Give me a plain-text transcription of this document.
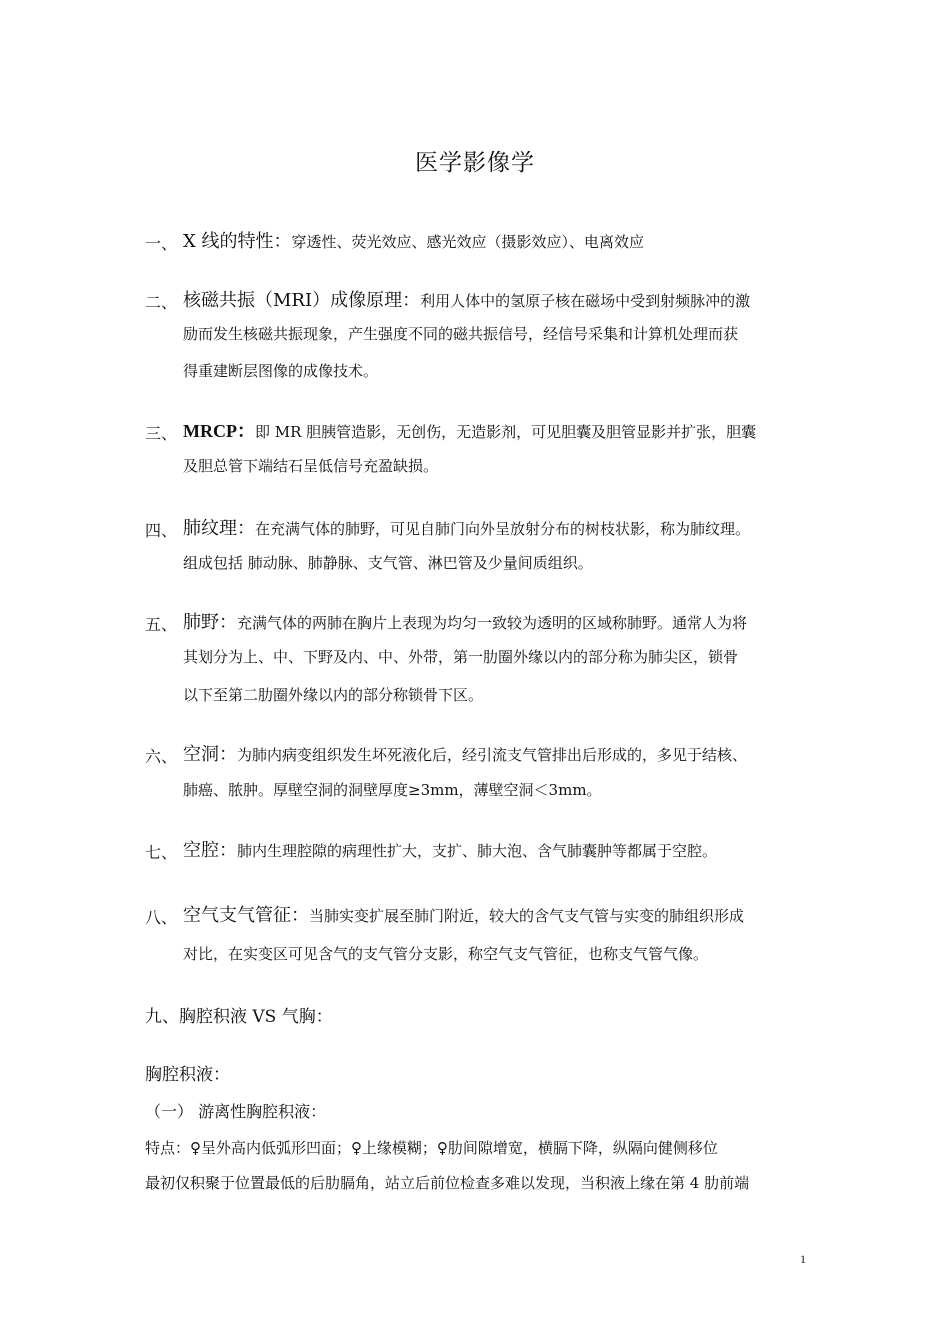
医学影像学
一、 X 线的特性：穿透性、荧光效应、感光效应（摄影效应）、电离效应
二、 核磁共振（MRI）成像原理：利用人体中的氢原子核在磁场中受到射频脉冲的激
励而发生核磁共振现象，产生强度不同的磁共振信号，经信号采集和计算机处理而获
得重建断层图像的成像技术。
三、 MRCP：即 MR 胆胰管造影，无创伤，无造影剂，可见胆囊及胆管显影并扩张，胆囊
及胆总管下端结石呈低信号充盈缺损。
四、 肺纹理：在充满气体的肺野，可见自肺门向外呈放射分布的树枝状影，称为肺纹理。
组成包括 肺动脉、肺静脉、支气管、淋巴管及少量间质组织。
五、 肺野：充满气体的两肺在胸片上表现为均匀一致较为透明的区域称肺野。通常人为将
其划分为上、中、下野及内、中、外带，第一肋圈外缘以内的部分称为肺尖区，锁骨
以下至第二肋圈外缘以内的部分称锁骨下区。
六、 空洞：为肺内病变组织发生坏死液化后，经引流支气管排出后形成的，多见于结核、
肺癌、脓肿。厚壁空洞的洞壁厚度≥3mm，薄壁空洞＜3mm。
七、 空腔：肺内生理腔隙的病理性扩大，支扩、肺大泡、含气肺囊肿等都属于空腔。
八、 空气支气管征：当肺实变扩展至肺门附近，较大的含气支气管与实变的肺组织形成
对比，在实变区可见含气的支气管分支影，称空气支气管征，也称支气管气像。
九、胸腔积液 VS 气胸：
胸腔积液：
（一） 游离性胸腔积液：
特点：♀呈外高内低弧形凹面；♀上缘模糊；♀肋间隙增宽，横膈下降，纵隔向健侧移位
最初仅积聚于位置最低的后肋膈角，站立后前位检查多难以发现，当积液上缘在第 4 肋前端
1
